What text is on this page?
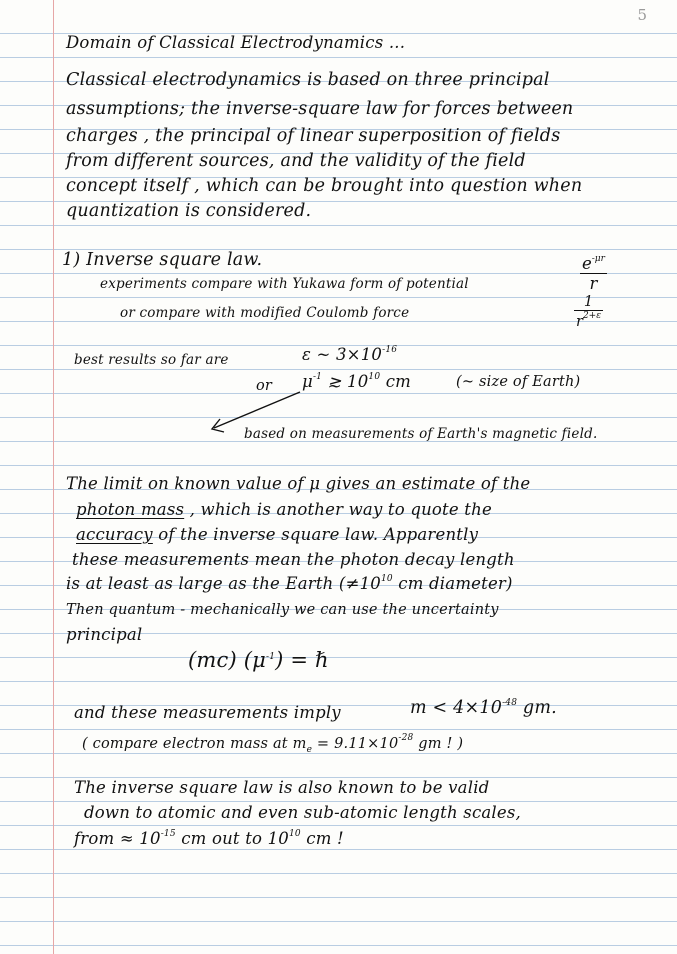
5
Domain of Classical Electrodynamics ...
Classical electrodynamics is based on three principal
assumptions; the inverse-square law for forces between
charges , the principal of linear superposition of fields
from different sources, and the validity of the field
concept itself , which can be brought into question when
quantization is considered.
1) Inverse square law.
experiments compare with Yukawa form of potential	$\frac{e^{-\mu r}}{r}$
or compare with modified Coulomb force	$\frac{1}{r^{2+\varepsilon}}$
best results so far are	ε ~ $3\times 10^{-16}$
or $\mu^{-1}$ ≳ $10^{10}$ cm	(~ size of Earth)
based on measurements of Earth's magnetic field.
The limit on known value of μ gives an estimate of the
photon mass , which is another way to quote the
accuracy of the inverse square law. Apparently
these measurements mean the photon decay length
is at least as large as the Earth ($\ne 10^{10}$ cm diameter)
Then quantum - mechanically we can use the uncertainty
principal
(mc) $(\mu^{-1})$ = ℏ
and these measurements imply	$m < 4\times 10^{-48}$ gm.
( compare electron mass at $m_e = 9.11\times 10^{-28}$ gm ! )
The inverse square law is also known to be valid
down to atomic and even sub-atomic length scales,
from ≈ $10^{-15}$ cm out to $10^{10}$ cm !
